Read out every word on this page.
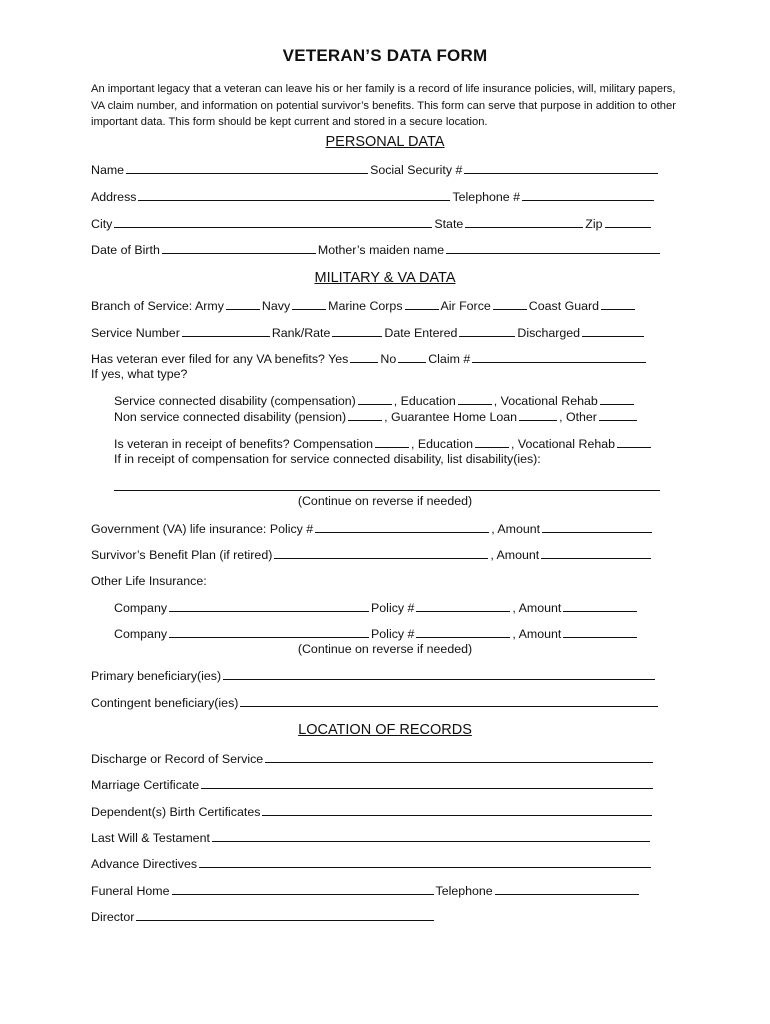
VETERAN’S DATA FORM

An important legacy that a veteran can leave his or her family is a record of life insurance policies, will, military papers, VA claim number, and information on potential survivor’s benefits. This form can serve that purpose in addition to other important data. This form should be kept current and stored in a secure location.

PERSONAL DATA
Name	Social Security #
Address	Telephone #
City	State	Zip
Date of Birth	Mother’s maiden name
MILITARY & VA DATA
Branch of Service: Army	Navy	Marine Corps	Air Force	Coast Guard
Service Number	Rank/Rate	Date Entered	Discharged
Has veteran ever filed for any VA benefits? Yes	No	Claim #
If yes, what type?
Service connected disability (compensation)	, Education	, Vocational Rehab
Non service connected disability (pension)	, Guarantee Home Loan	, Other
Is veteran in receipt of benefits? Compensation	, Education	, Vocational Rehab
If in receipt of compensation for service connected disability, list disability(ies):
(Continue on reverse if needed)
Government (VA) life insurance: Policy #	, Amount
Survivor’s Benefit Plan (if retired)	, Amount
Other Life Insurance:
Company	Policy #	, Amount
Company	Policy #	, Amount
(Continue on reverse if needed)
Primary beneficiary(ies)
Contingent beneficiary(ies)
LOCATION OF RECORDS
Discharge or Record of Service
Marriage Certificate
Dependent(s) Birth Certificates
Last Will & Testament
Advance Directives
Funeral Home	Telephone
Director
